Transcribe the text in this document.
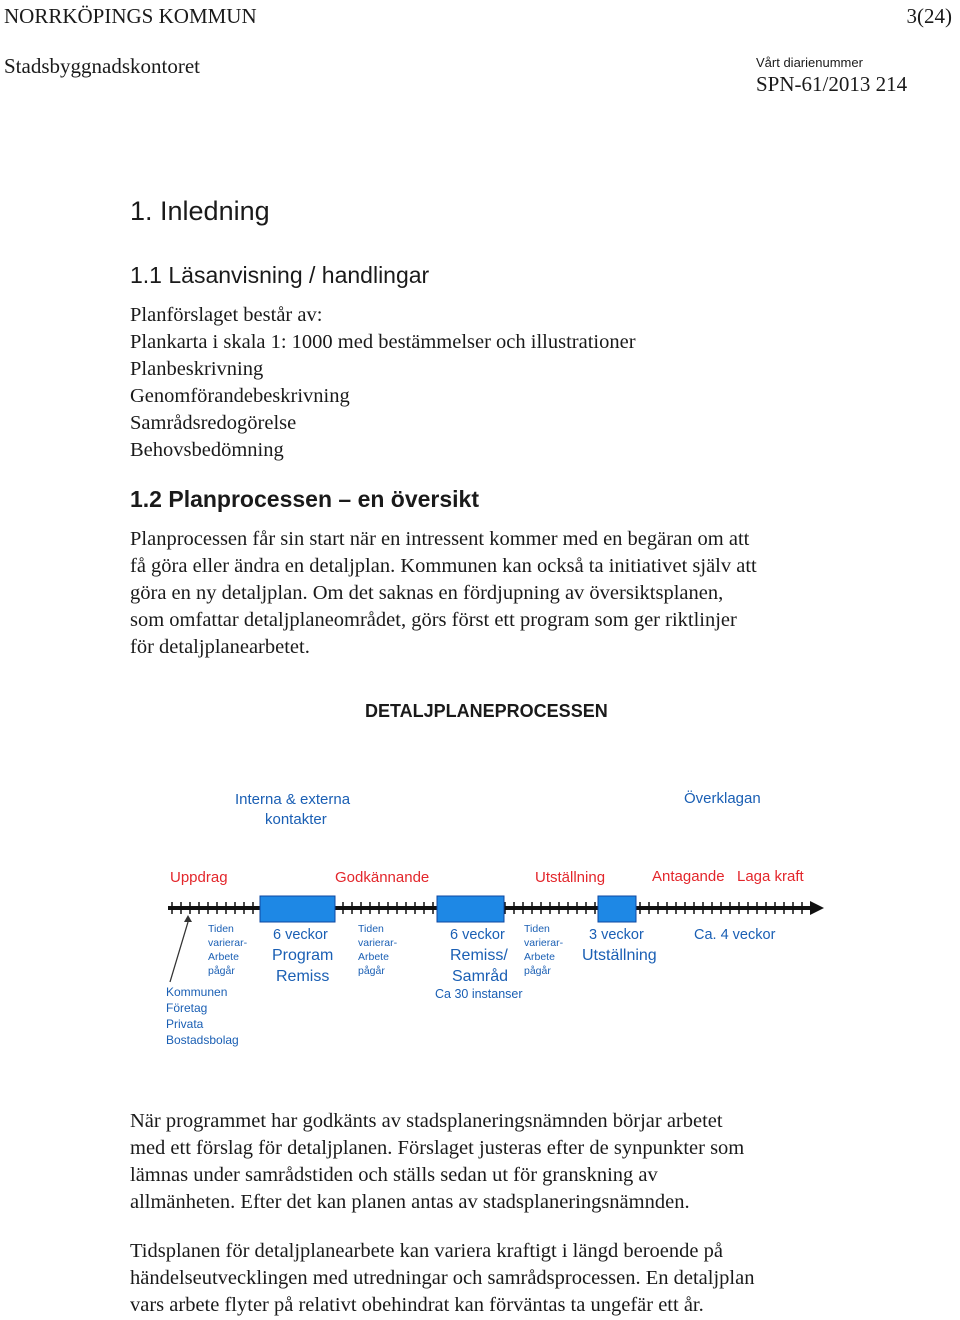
NORRKÖPINGS KOMMUN	3(24)
Stadsbyggnadskontoret	Vårt diarienummer
SPN-61/2013 214
1. Inledning
1.1 Läsanvisning / handlingar
Planförslaget består av:
Plankarta i skala 1: 1000 med bestämmelser och illustrationer
Planbeskrivning
Genomförandebeskrivning
Samrådsredogörelse
Behovsbedömning
1.2 Planprocessen – en översikt
Planprocessen får sin start när en intressent kommer med en begäran om att
få göra eller ändra en detaljplan. Kommunen kan också ta initiativet själv att
göra en ny detaljplan. Om det saknas en fördjupning av översiktsplanen,
som omfattar detaljplaneområdet, görs först ett program som ger riktlinjer
för detaljplanearbetet.
DETALJPLANEPROCESSEN
Interna & externa
kontakter
Överklagan
Uppdrag	Godkännande	Utställning	Antagande Laga kraft
Tiden
varierar-
Arbete
pågår
Tiden
varierar-
Arbete
pågår
Tiden
varierar-
Arbete
pågår
6 veckor
Program
Remiss
6 veckor
Remiss/
Samråd
Ca 30 instanser
3 veckor
Utställning
Ca. 4 veckor
Kommunen
Företag
Privata
Bostadsbolag
När programmet har godkänts av stadsplaneringsnämnden börjar arbetet
med ett förslag för detaljplanen. Förslaget justeras efter de synpunkter som
lämnas under samrådstiden och ställs sedan ut för granskning av
allmänheten. Efter det kan planen antas av stadsplaneringsnämnden.
Tidsplanen för detaljplanearbete kan variera kraftigt i längd beroende på
händelseutvecklingen med utredningar och samrådsprocessen. En detaljplan
vars arbete flyter på relativt obehindrat kan förväntas ta ungefär ett år.
